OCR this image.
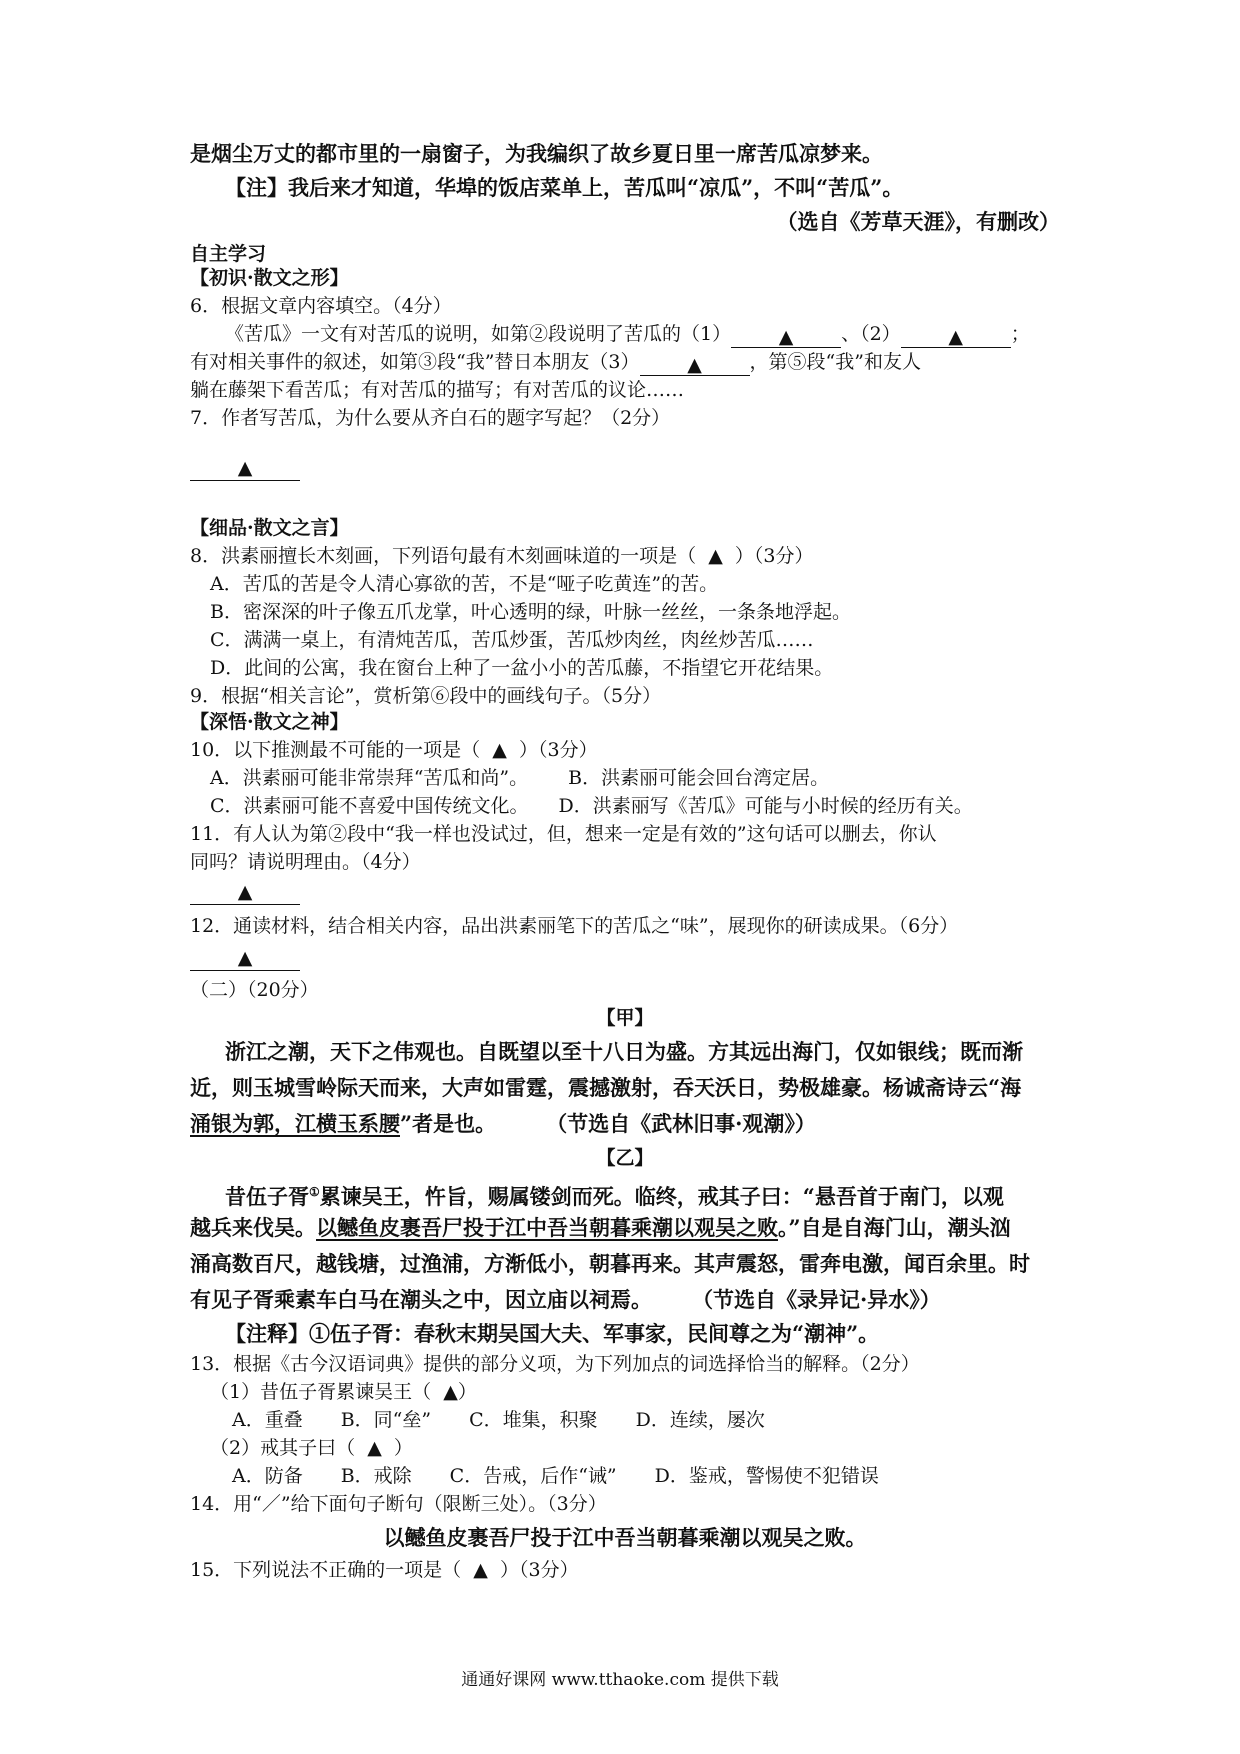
是烟尘万丈的都市里的一扇窗子，为我编织了故乡夏日里一席苦瓜凉梦来。
【注】我后来才知道，华埠的饭店菜单上，苦瓜叫“凉瓜”，不叫“苦瓜”。
（选自《芳草天涯》，有删改）
自主学习
【初识·散文之形】
6．根据文章内容填空。（4分）
《苦瓜》一文有对苦瓜的说明，如第②段说明了苦瓜的（1）	▲	、（2）	▲	；
有对相关事件的叙述，如第③段“我”替日本朋友（3）	▲	，第⑤段“我”和友人
躺在藤架下看苦瓜；有对苦瓜的描写；有对苦瓜的议论……
7．作者写苦瓜，为什么要从齐白石的题字写起？（2分）
▲
【细品·散文之言】
8．洪素丽擅长木刻画，下列语句最有木刻画味道的一项是（ ▲ ）（3分）
A．苦瓜的苦是令人清心寡欲的苦，不是“哑子吃黄连”的苦。
B．密深深的叶子像五爪龙掌，叶心透明的绿，叶脉一丝丝，一条条地浮起。
C．满满一桌上，有清炖苦瓜，苦瓜炒蛋，苦瓜炒肉丝，肉丝炒苦瓜……
D．此间的公寓，我在窗台上种了一盆小小的苦瓜藤，不指望它开花结果。
9．根据“相关言论”，赏析第⑥段中的画线句子。（5分）
【深悟·散文之神】
10．以下推测最不可能的一项是（ ▲ ）（3分）
A．洪素丽可能非常崇拜“苦瓜和尚”。 B．洪素丽可能会回台湾定居。
C．洪素丽可能不喜爱中国传统文化。 D．洪素丽写《苦瓜》可能与小时候的经历有关。
11．有人认为第②段中“我一样也没试过，但，想来一定是有效的”这句话可以删去，你认
同吗？请说明理由。（4分）
▲
12．通读材料，结合相关内容，品出洪素丽笔下的苦瓜之“味”，展现你的研读成果。（6分）
▲
（二）（20分）
【甲】
浙江之潮，天下之伟观也。自既望以至十八日为盛。方其远出海门，仅如银线；既而渐
近，则玉城雪岭际天而来，大声如雷霆，震撼激射，吞天沃日，势极雄豪。杨诚斋诗云“海
涌银为郭，江横玉系腰”者是也。 （节选自《武林旧事·观潮》）
【乙】
昔伍子胥①累谏吴王，忤旨，赐属镂剑而死。临终，戒其子曰：“悬吾首于南门，以观
越兵来伐吴。以鳡鱼皮裹吾尸投于江中吾当朝暮乘潮以观吴之败。”自是自海门山，潮头汹
涌高数百尺，越钱塘，过渔浦，方渐低小，朝暮再来。其声震怒，雷奔电激，闻百余里。时
有见子胥乘素车白马在潮头之中，因立庙以祠焉。 （节选自《录异记·异水》）
【注释】①伍子胥：春秋末期吴国大夫、军事家，民间尊之为“潮神”。
13．根据《古今汉语词典》提供的部分义项，为下列加点的词选择恰当的解释。（2分）
（1）昔伍子胥累谏吴王（ ▲）
A．重叠　　B．同“垒”　　C．堆集，积聚　　D．连续，屡次
（2）戒其子曰（ ▲ ）
A．防备　　B．戒除　　C．告戒，后作“诫”　　D．鉴戒，警惕使不犯错误
14．用“／”给下面句子断句（限断三处）。（3分）
以鳡鱼皮裹吾尸投于江中吾当朝暮乘潮以观吴之败。
15．下列说法不正确的一项是（ ▲ ）（3分）
通通好课网 www.tthaoke.com 提供下载
